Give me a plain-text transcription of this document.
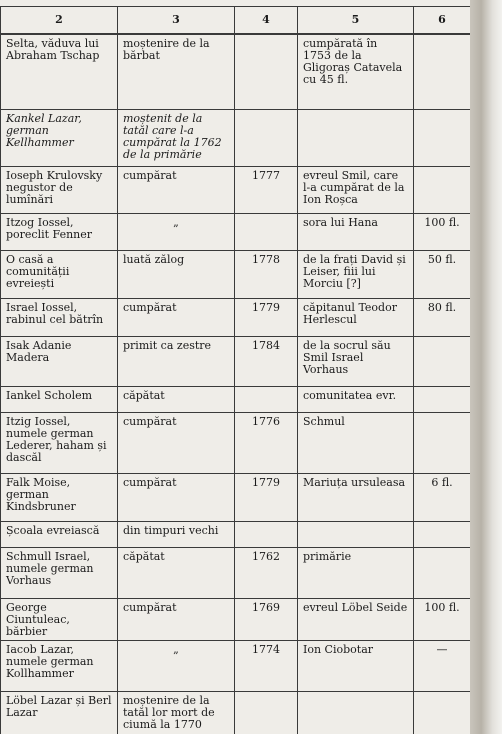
2	3	4	5	6
Selta, văduva lui Abraham Tschap	moștenire de la bărbat		cumpărată în 1753 de la Gligoraș Catavela cu 45 fl.	
Kankel Lazar, german Kellhammer	moștenit de la tatăl care l-a cumpărat la 1762 de la primărie			
Ioseph Krulovsky negustor de lumînări	cumpărat	1777	evreul Smil, care l-a cumpărat de la Ion Roșca	
Itzog Iossel, poreclit Fenner	„		sora lui Hana	100 fl.
O casă a comunității evreiești	luată zălog	1778	de la frați David și Leiser, fiii lui Morciu [?]	50 fl.
Israel Iossel, rabinul cel bătrîn	cumpărat	1779	căpitanul Teodor Herlescul	80 fl.
Isak Adanie Madera	primit ca zestre	1784	de la socrul său Smil Israel Vorhaus	
Iankel Scholem	căpătat		comunitatea evr.	
Itzig Iossel, numele german Lederer, haham și dascăl	cumpărat	1776	Schmul	
Falk Moise, german Kindsbruner	cumpărat	1779	Mariuța ursuleasa	6 fl.
Școala evreiască	din timpuri vechi			
Schmull Israel, numele german Vorhaus	căpătat	1762	primărie	
George Ciuntuleac, bărbier	cumpărat	1769	evreul Löbel Seide	100 fl.
Iacob Lazar, numele german Kollhammer	„	1774	Ion Ciobotar	—
Löbel Lazar și Berl Lazar	moștenire de la tatăl lor mort de ciumă la 1770			
